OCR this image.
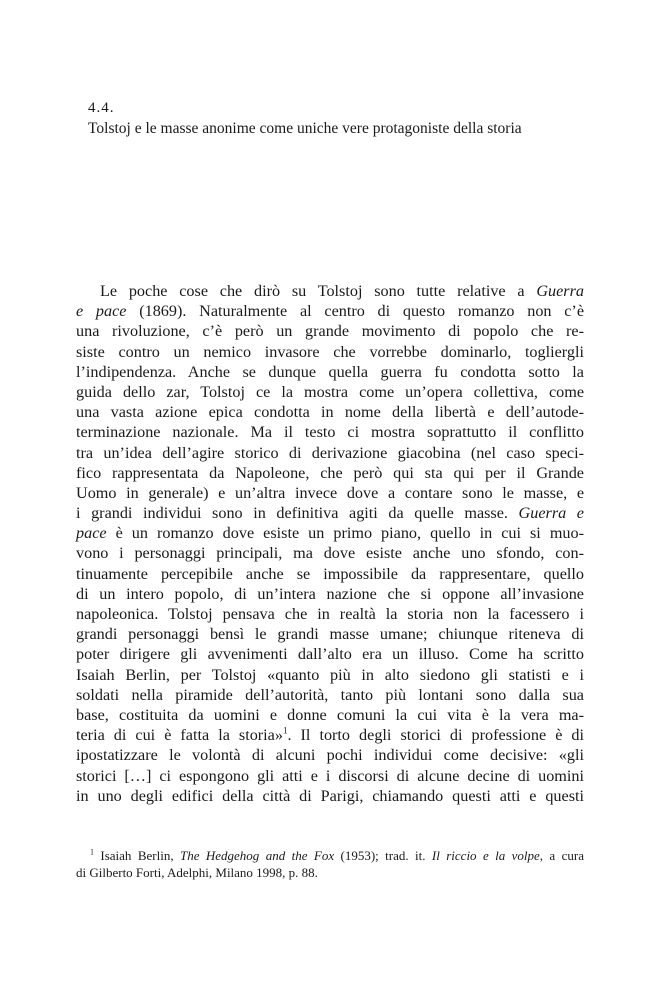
4.4.
Tolstoj e le masse anonime come uniche vere protagoniste della storia
Le poche cose che dirò su Tolstoj sono tutte relative a Guerra
e pace (1869). Naturalmente al centro di questo romanzo non c’è
una rivoluzione, c’è però un grande movimento di popolo che re-
siste contro un nemico invasore che vorrebbe dominarlo, togliergli
l’indipendenza. Anche se dunque quella guerra fu condotta sotto la
guida dello zar, Tolstoj ce la mostra come un’opera collettiva, come
una vasta azione epica condotta in nome della libertà e dell’autode-
terminazione nazionale. Ma il testo ci mostra soprattutto il conflitto
tra un’idea dell’agire storico di derivazione giacobina (nel caso speci-
fico rappresentata da Napoleone, che però qui sta qui per il Grande
Uomo in generale) e un’altra invece dove a contare sono le masse, e
i grandi individui sono in definitiva agiti da quelle masse. Guerra e
pace è un romanzo dove esiste un primo piano, quello in cui si muo-
vono i personaggi principali, ma dove esiste anche uno sfondo, con-
tinuamente percepibile anche se impossibile da rappresentare, quello
di un intero popolo, di un’intera nazione che si oppone all’invasione
napoleonica. Tolstoj pensava che in realtà la storia non la facessero i
grandi personaggi bensì le grandi masse umane; chiunque riteneva di
poter dirigere gli avvenimenti dall’alto era un illuso. Come ha scritto
Isaiah Berlin, per Tolstoj «quanto più in alto siedono gli statisti e i
soldati nella piramide dell’autorità, tanto più lontani sono dalla sua
base, costituita da uomini e donne comuni la cui vita è la vera ma-
teria di cui è fatta la storia»$^1$. Il torto degli storici di professione è di
ipostatizzare le volontà di alcuni pochi individui come decisive: «gli
storici […] ci espongono gli atti e i discorsi di alcune decine di uomini
in uno degli edifici della città di Parigi, chiamando questi atti e questi
$^1$ Isaiah Berlin, The Hedgehog and the Fox (1953); trad. it. Il riccio e la volpe, a cura
di Gilberto Forti, Adelphi, Milano 1998, p. 88.
